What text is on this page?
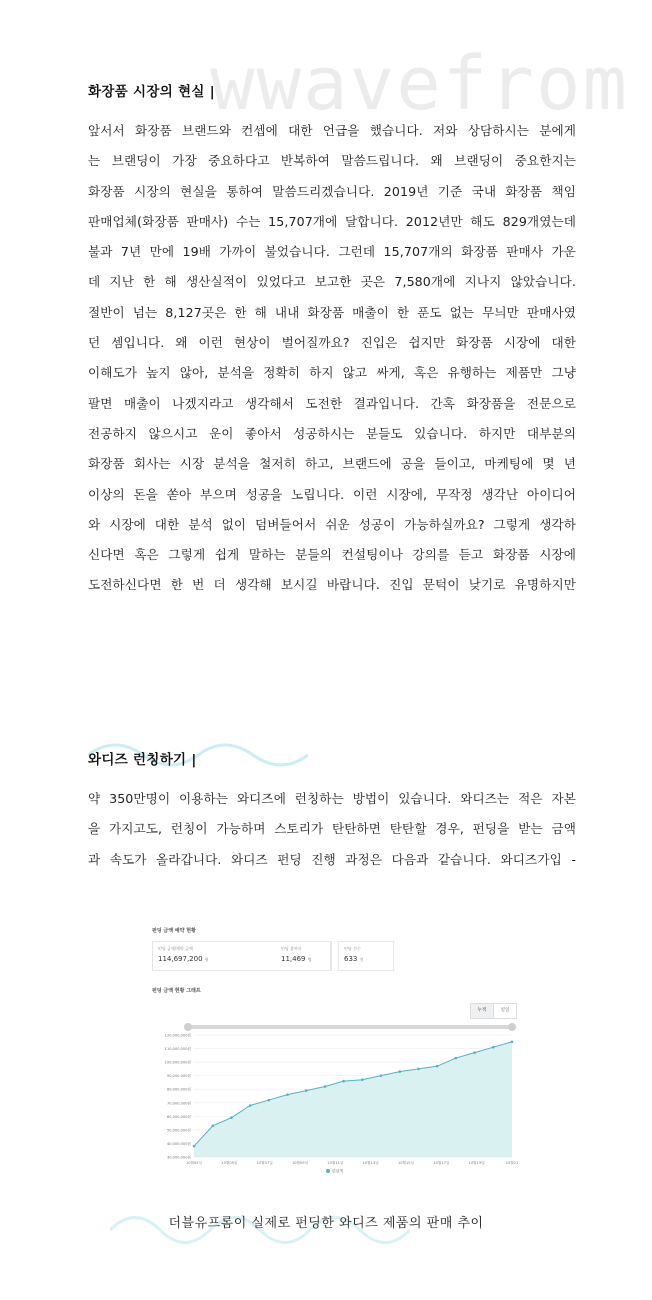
wwavefrom
화장품 시장의 현실 |
앞서서 화장품 브랜드와 컨셉에 대한 언급을 했습니다. 저와 상담하시는 분에게
는 브랜딩이 가장 중요하다고 반복하여 말씀드립니다. 왜 브랜딩이 중요한지는
화장품 시장의 현실을 통하여 말씀드리겠습니다. 2019년 기준 국내 화장품 책임
판매업체(화장품 판매사) 수는 15,707개에 달합니다. 2012년만 해도 829개였는데
불과 7년 만에 19배 가까이 불었습니다. 그런데 15,707개의 화장품 판매사 가운
데 지난 한 해 생산실적이 있었다고 보고한 곳은 7,580개에 지나지 않았습니다.
절반이 넘는 8,127곳은 한 해 내내 화장품 매출이 한 푼도 없는 무늬만 판매사였
던 셈입니다. 왜 이런 현상이 벌어질까요? 진입은 쉽지만 화장품 시장에 대한
이해도가 높지 않아, 분석을 정확히 하지 않고 싸게, 혹은 유행하는 제품만 그냥
팔면 매출이 나겠지라고 생각해서 도전한 결과입니다. 간혹 화장품을 전문으로
전공하지 않으시고 운이 좋아서 성공하시는 분들도 있습니다. 하지만 대부분의
화장품 회사는 시장 분석을 철저히 하고, 브랜드에 공을 들이고, 마케팅에 몇 년
이상의 돈을 쏟아 부으며 성공을 노립니다. 이런 시장에, 무작정 생각난 아이디어
와 시장에 대한 분석 없이 덤벼들어서 쉬운 성공이 가능하실까요? 그렇게 생각하
신다면 혹은 그렇게 쉽게 말하는 분들의 컨설팅이나 강의를 듣고 화장품 시장에
도전하신다면 한 번 더 생각해 보시길 바랍니다. 진입 문턱이 낮기로 유명하지만
와디즈 런칭하기 |
약 350만명이 이용하는 와디즈에 런칭하는 방법이 있습니다. 와디즈는 적은 자본
을 가지고도, 런칭이 가능하며 스토리가 탄탄하면 탄탄할 경우, 펀딩을 받는 금액
과 속도가 올라갑니다. 와디즈 펀딩 진행 과정은 다음과 같습니다. 와디즈가입 -
펀딩 금액 예약 현황
펀딩 금액/예약 금액
114,697,200 원
펀딩 참여자
11,469 명
펀딩 건수
633 건
펀딩 금액 현황 그래프
누적	일일
120,000,000원
110,000,000원
100,000,000원
90,000,000원
80,000,000원
70,000,000원
60,000,000원
50,000,000원
40,000,000원
30,000,000원
10월05일	10월05일	10월07일	10월09일	10월11일	10월13일	10월15일	10월17일	10월19일	10월21
펀딩액
더블유프롬이 실제로 펀딩한 와디즈 제품의 판매 추이
